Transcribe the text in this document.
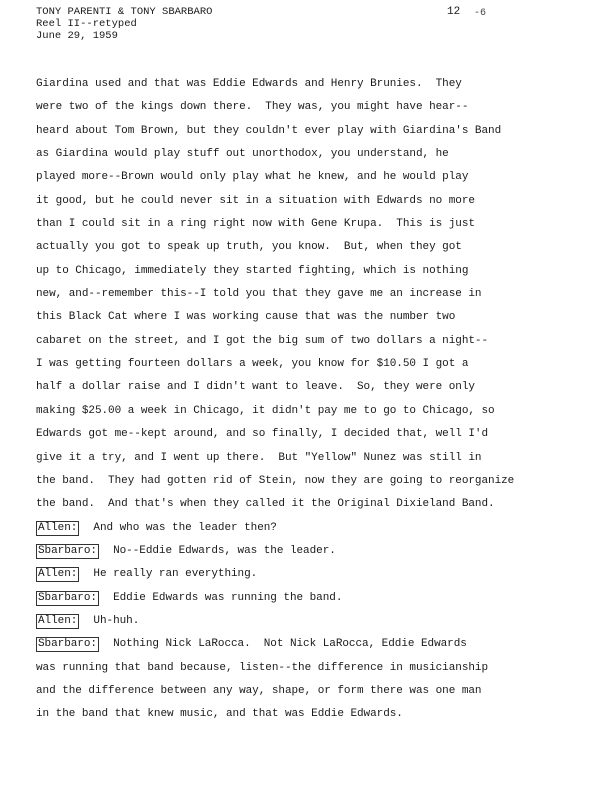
TONY PARENTI & TONY SBARBARO
Reel II--retyped
June 29, 1959
12 -6
Giardina used and that was Eddie Edwards and Henry Brunies.  They
were two of the kings down there.  They was, you might have hear--
heard about Tom Brown, but they couldn't ever play with Giardina's Band
as Giardina would play stuff out unorthodox, you understand, he
played more--Brown would only play what he knew, and he would play
it good, but he could never sit in a situation with Edwards no more
than I could sit in a ring right now with Gene Krupa.  This is just
actually you got to speak up truth, you know.  But, when they got
up to Chicago, immediately they started fighting, which is nothing
new, and--remember this--I told you that they gave me an increase in
this Black Cat where I was working cause that was the number two
cabaret on the street, and I got the big sum of two dollars a night--
I was getting fourteen dollars a week, you know for $10.50 I got a
half a dollar raise and I didn't want to leave.  So, they were only
making $25.00 a week in Chicago, it didn't pay me to go to Chicago, so
Edwards got me--kept around, and so finally, I decided that, well I'd
give it a try, and I went up there.  But "Yellow" Nunez was still in
the band.  They had gotten rid of Stein, now they are going to reorganize
the band.  And that's when they called it the Original Dixieland Band.
Allen: And who was the leader then?
Sbarbaro: No--Eddie Edwards, was the leader.
Allen: He really ran everything.
Sbarbaro: Eddie Edwards was running the band.
Allen: Uh-huh.
Sbarbaro: Nothing Nick LaRocca.  Not Nick LaRocca, Eddie Edwards
was running that band because, listen--the difference in musicianship
and the difference between any way, shape, or form there was one man
in the band that knew music, and that was Eddie Edwards.
